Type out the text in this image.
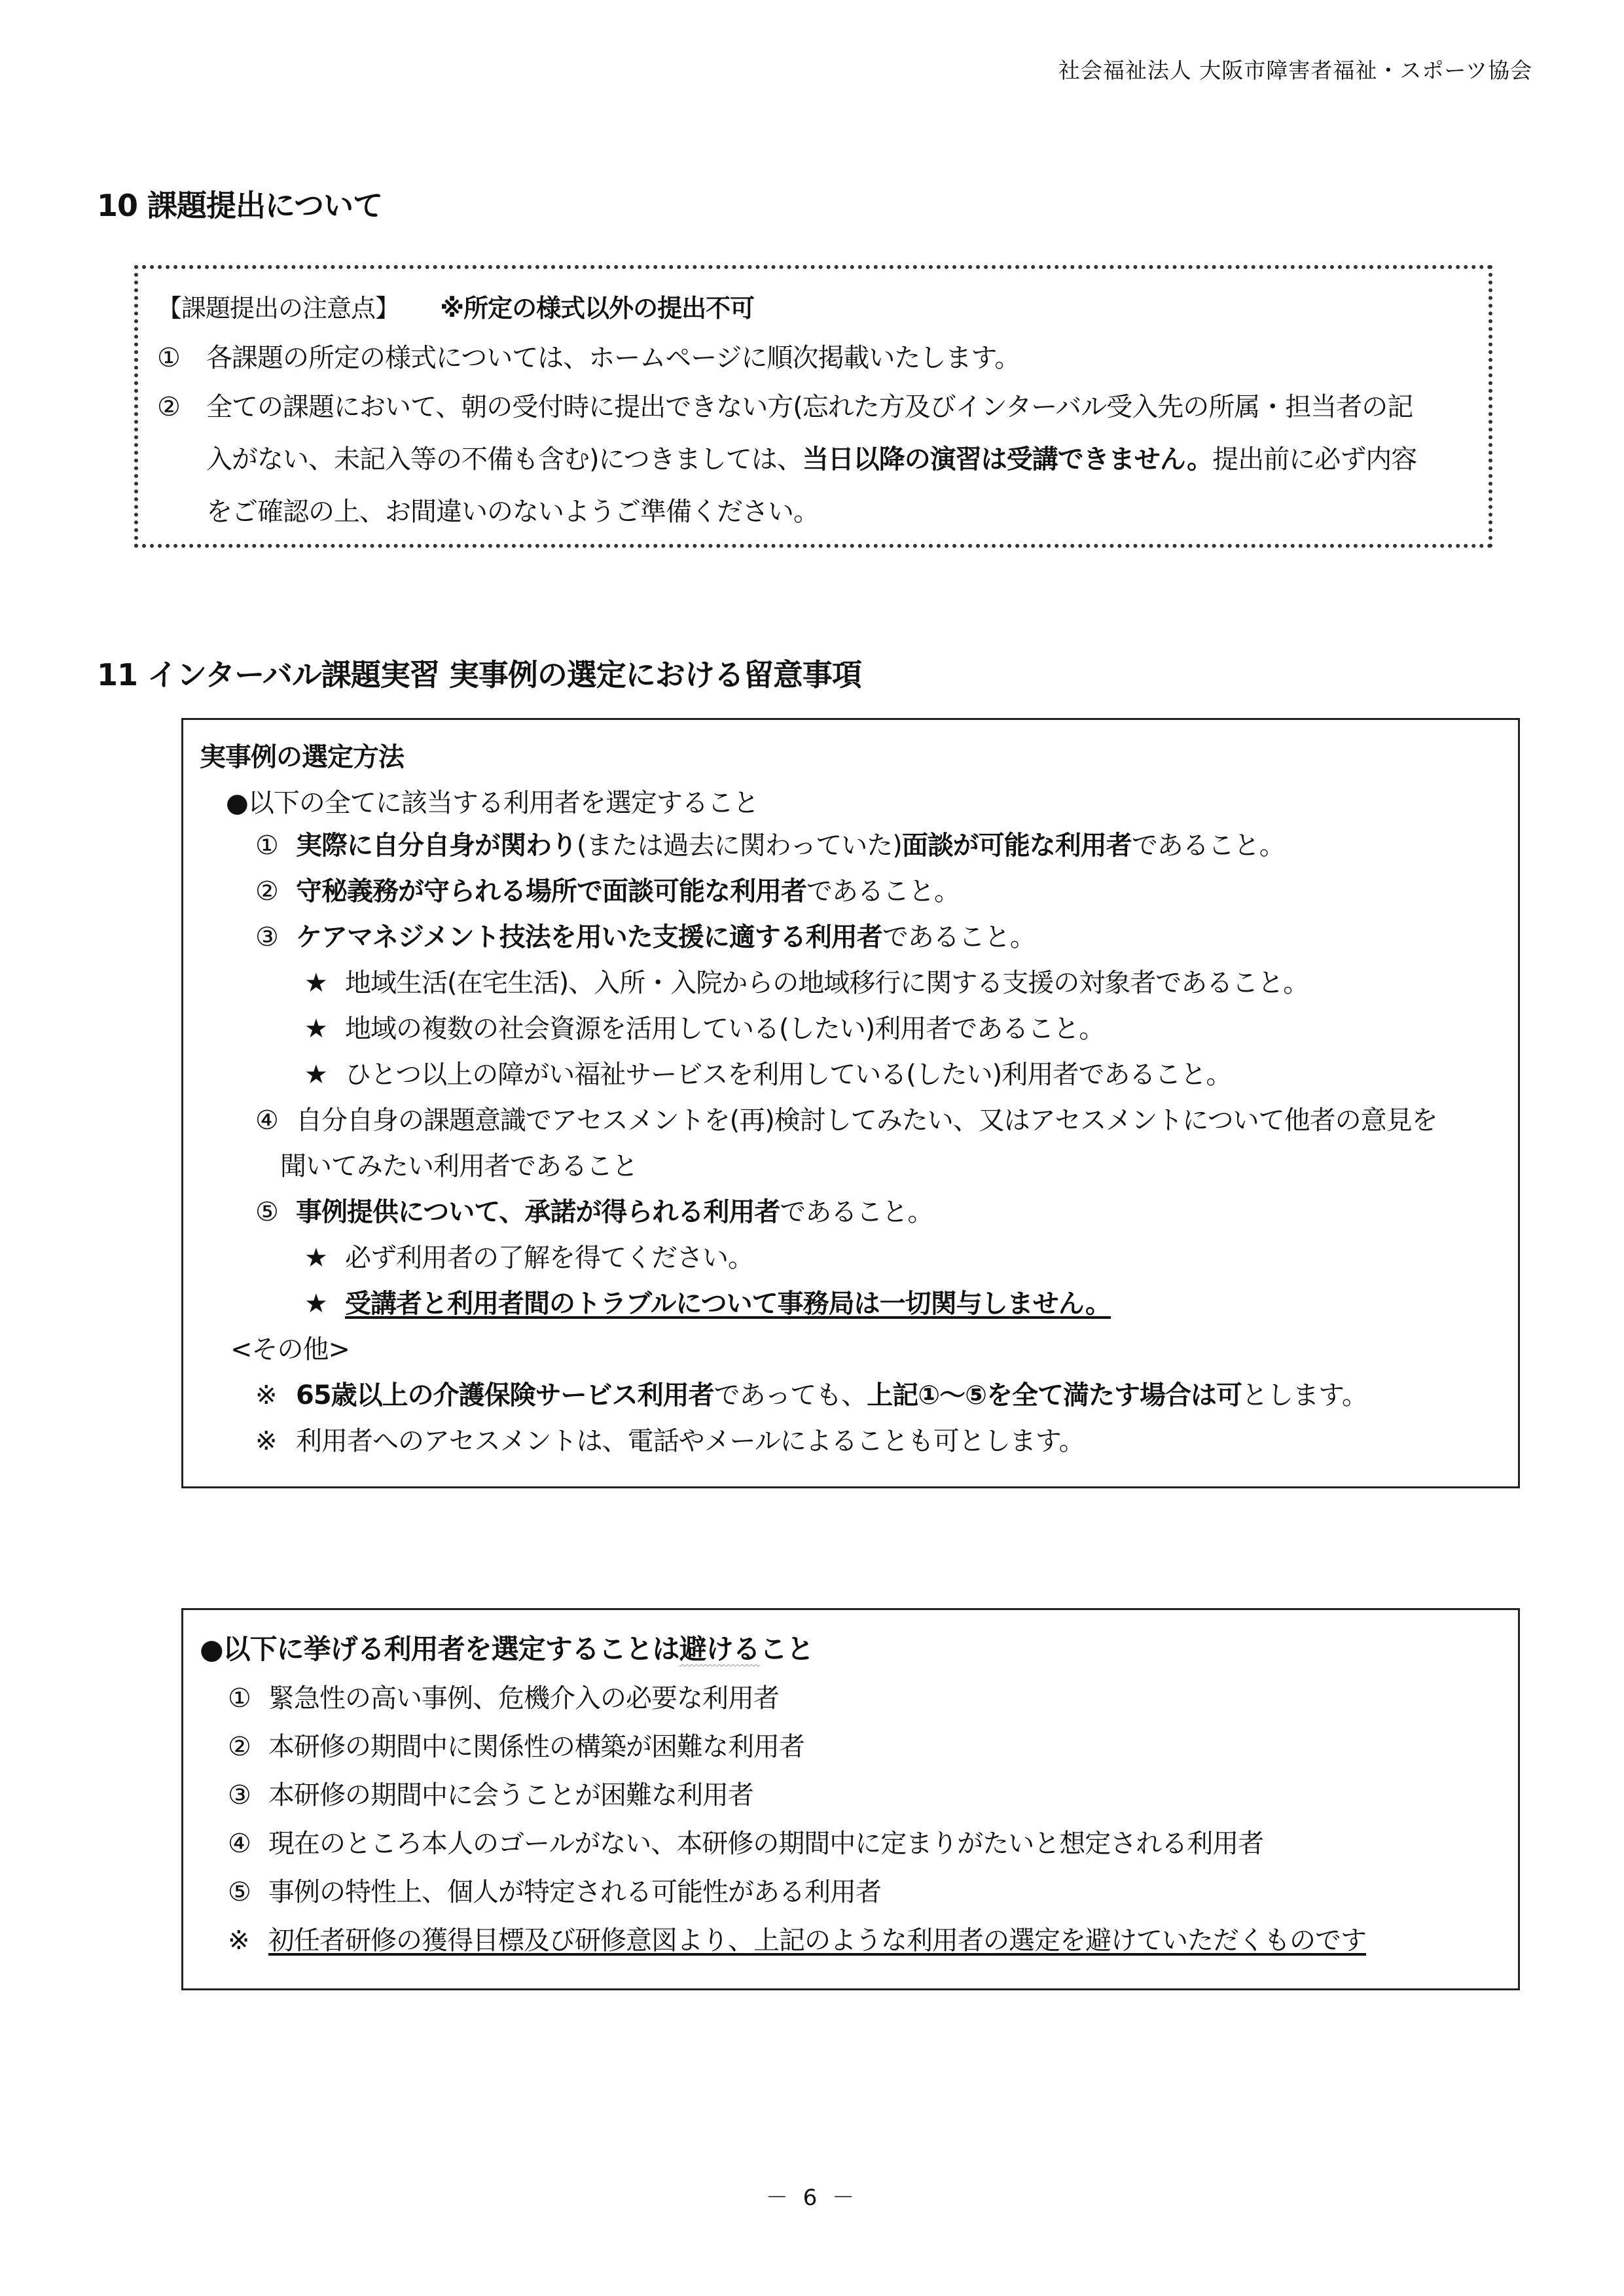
社会福祉法人 大阪市障害者福祉・スポーツ協会
10 課題提出について
【課題提出の注意点】 ※所定の様式以外の提出不可
① 各課題の所定の様式については、ホームページに順次掲載いたします。
② 全ての課題において、朝の受付時に提出できない方(忘れた方及びインターバル受入先の所属・担当者の記
入がない、未記入等の不備も含む)につきましては、当日以降の演習は受講できません。提出前に必ず内容
をご確認の上、お間違いのないようご準備ください。
11 インターバル課題実習 実事例の選定における留意事項
実事例の選定方法
●以下の全てに該当する利用者を選定すること
① 実際に自分自身が関わり(または過去に関わっていた)面談が可能な利用者であること。
② 守秘義務が守られる場所で面談可能な利用者であること。
③ ケアマネジメント技法を用いた支援に適する利用者であること。
★ 地域生活(在宅生活)、入所・入院からの地域移行に関する支援の対象者であること。
★ 地域の複数の社会資源を活用している(したい)利用者であること。
★ ひとつ以上の障がい福祉サービスを利用している(したい)利用者であること。
④ 自分自身の課題意識でアセスメントを(再)検討してみたい、又はアセスメントについて他者の意見を
聞いてみたい利用者であること
⑤ 事例提供について、承諾が得られる利用者であること。
★ 必ず利用者の了解を得てください。
★ 受講者と利用者間のトラブルについて事務局は一切関与しません。
<その他>
※ 65歳以上の介護保険サービス利用者であっても、上記①～⑤を全て満たす場合は可とします。
※ 利用者へのアセスメントは、電話やメールによることも可とします。
●以下に挙げる利用者を選定することは避けること
① 緊急性の高い事例、危機介入の必要な利用者
② 本研修の期間中に関係性の構築が困難な利用者
③ 本研修の期間中に会うことが困難な利用者
④ 現在のところ本人のゴールがない、本研修の期間中に定まりがたいと想定される利用者
⑤ 事例の特性上、個人が特定される可能性がある利用者
※ 初任者研修の獲得目標及び研修意図より、上記のような利用者の選定を避けていただくものです
－ 6 －
